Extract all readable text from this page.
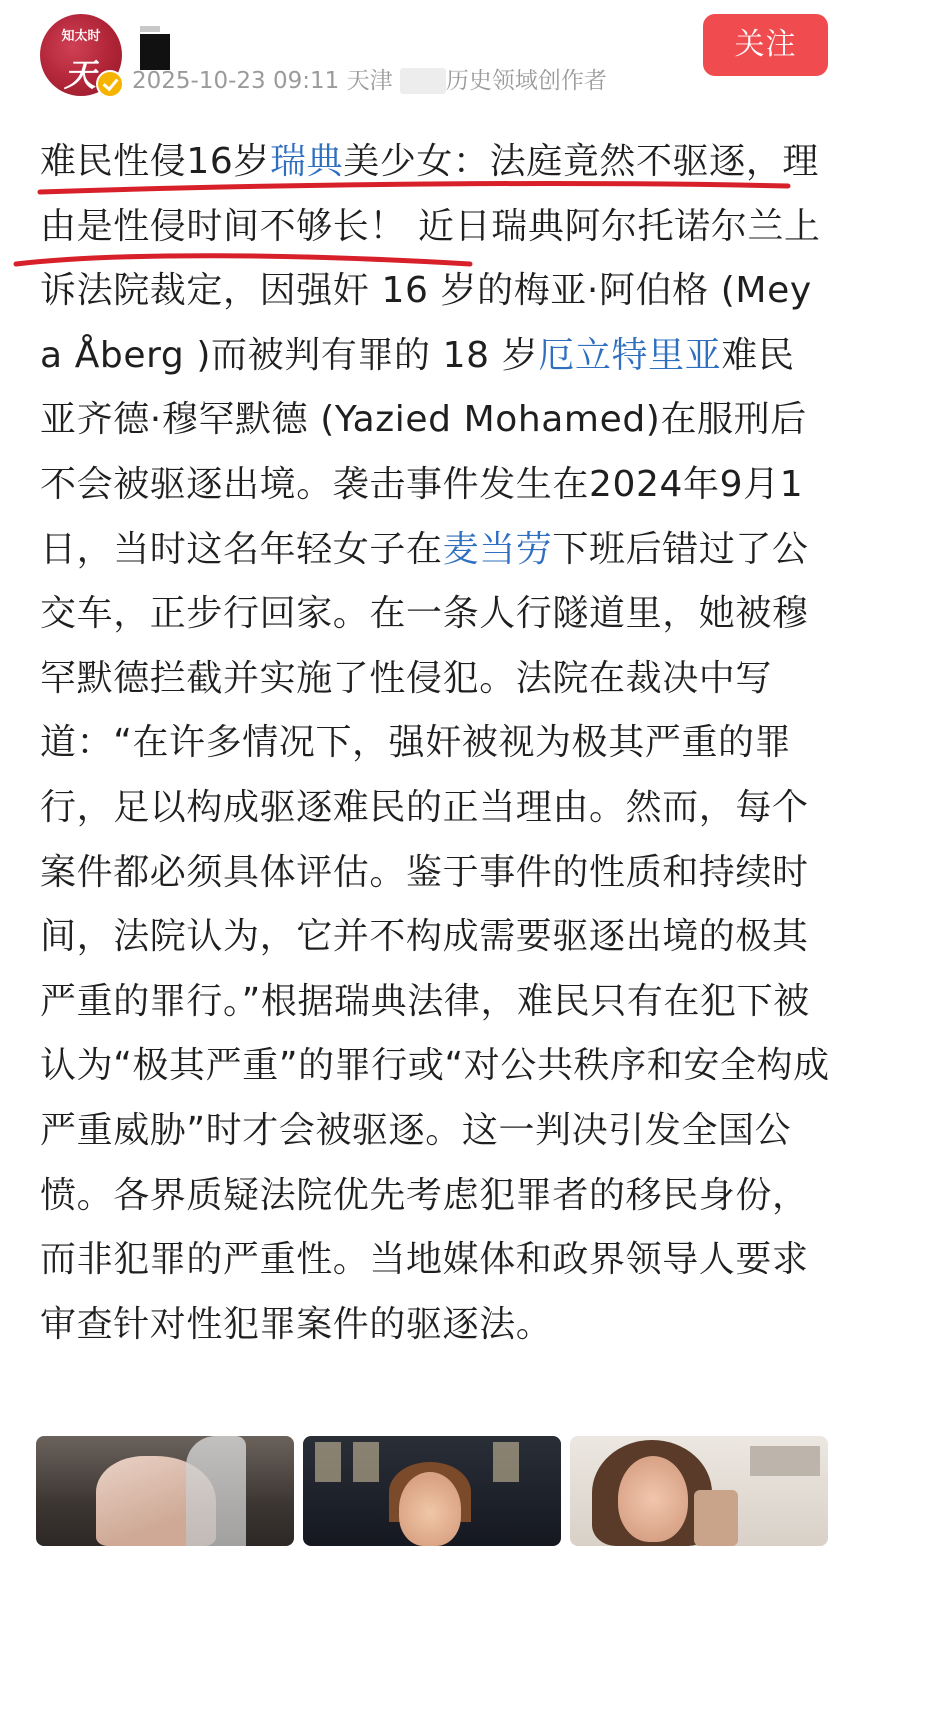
知太时
天 2025-10-23 09:11 天津 历史领域创作者
关注
难民性侵16岁瑞典美少女：法庭竟然不驱逐，理由是性侵时间不够长！ 近日瑞典阿尔托诺尔兰上诉法院裁定，因强奸 16 岁的梅亚·阿伯格 (Meya Åberg )而被判有罪的 18 岁厄立特里亚难民亚齐德·穆罕默德 (Yazied Mohamed)在服刑后不会被驱逐出境。袭击事件发生在2024年9月1日，当时这名年轻女子在麦当劳下班后错过了公交车，正步行回家。在一条人行隧道里，她被穆罕默德拦截并实施了性侵犯。法院在裁决中写道：“在许多情况下，强奸被视为极其严重的罪行，足以构成驱逐难民的正当理由。然而，每个案件都必须具体评估。鉴于事件的性质和持续时间，法院认为，它并不构成需要驱逐出境的极其严重的罪行。”根据瑞典法律，难民只有在犯下被认为“极其严重”的罪行或“对公共秩序和安全构成严重威胁”时才会被驱逐。这一判决引发全国公愤。各界质疑法院优先考虑犯罪者的移民身份，而非犯罪的严重性。当地媒体和政界领导人要求审查针对性犯罪案件的驱逐法。
